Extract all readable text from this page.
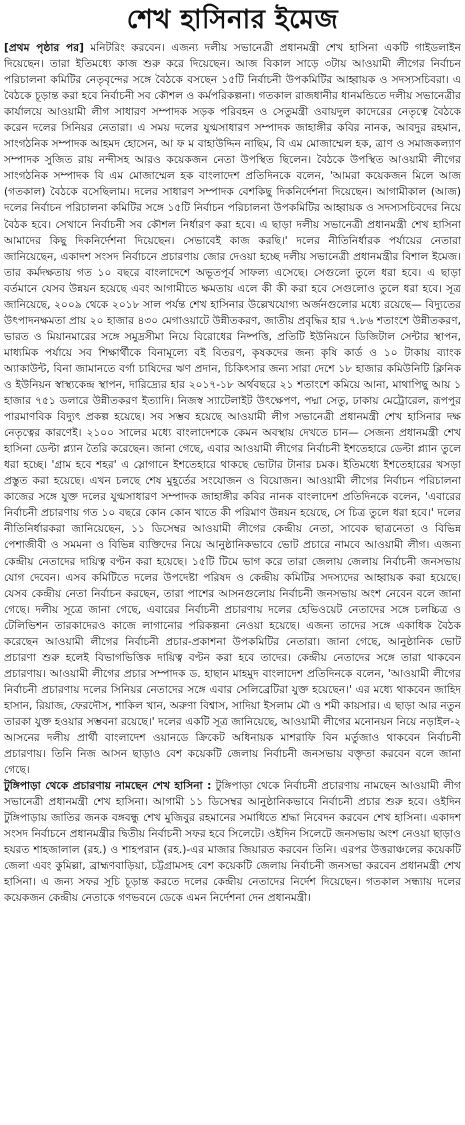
শেখ হাসিনার ইমেজ

[প্রথম পৃষ্ঠার পর] মনিটরিং করবেন। এজন্য দলীয় সভানেত্রী প্রধানমন্ত্রী শেখ হাসিনা একটি গাইডলাইন দিয়েছেন। তারা ইতিমধ্যে কাজ শুরু করে দিয়েছেন। আজ বিকাল সাড়ে ৩টায় আওয়ামী লীগের নির্বাচন পরিচালনা কমিটির নেতৃবৃন্দের সঙ্গে বৈঠকে বসছেন ১৫টি নির্বাচনী উপকমিটির আহ্বায়ক ও সদস্যসচিবরা। এ বৈঠকে চূড়ান্ত করা হবে নির্বাচনী সব কৌশল ও কর্মপরিকল্পনা। গতকাল রাজধানীর ধানমন্ডিতে দলীয় সভানেত্রীর কার্যালয়ে আওয়ামী লীগ সাধারণ সম্পাদক সড়ক পরিবহন ও সেতুমন্ত্রী ওবায়দুল কাদেরের নেতৃত্বে বৈঠকে করেন দলের সিনিয়র নেতারা। এ সময় দলের যুগ্মসাধারণ সম্পাদক জাহাঙ্গীর কবির নানক, আবদুর রহমান, সাংগঠনিক সম্পাদক আহমদ হোসেন, আ ফ ম বাহাউদ্দিন নাছিম, বি এম মোজাম্মেল হক, ত্রাণ ও সমাজকল্যাণ সম্পাদক সুজিত রায় নন্দীসহ আরও কয়েকজন নেতা উপস্থিত ছিলেন। বৈঠকে উপস্থিত আওয়ামী লীগের সাংগঠনিক সম্পাদক বি এম মোজাম্মেল হক বাংলাদেশ প্রতিদিনকে বলেন, 'আমরা কয়েকজন মিলে আজ (গতকাল) বৈঠকে বসেছিলাম। দলের সাধারণ সম্পাদক বেশকিছু দিকনির্দেশনা দিয়েছেন। আগামীকাল (আজ) দলের নির্বাচন পরিচালনা কমিটির সঙ্গে ১৫টি নির্বাচন পরিচালনা উপকমিটির আহ্বায়ক ও সদস্যসচিবদের নিয়ে বৈঠক হবে। সেখানে নির্বাচনী সব কৌশল নির্ধারণ করা হবে। এ ছাড়া দলীয় সভানেত্রী প্রধানমন্ত্রী শেখ হাসিনা আমাদের কিছু দিকনির্দেশনা দিয়েছেন। সেভাবেই কাজ করছি।' দলের নীতিনির্ধারক পর্যায়ের নেতারা জানিয়েছেন, একাদশ সংসদ নির্বাচনে প্রচারণায় জোর দেওয়া হচ্ছে দলীয় সভানেত্রী প্রধানমন্ত্রীর বিশাল ইমেজ। তার কর্মদক্ষতায় গত ১০ বছরে বাংলাদেশে অভূতপূর্ব সাফল্য এসেছে। সেগুলো তুলে ধরা হবে। এ ছাড়া বর্তমানে যেসব উন্নয়ন হয়েছে এবং আগামীতে ক্ষমতায় এলে কী কী করা হবে সেগুলোও তুলে ধরা হবে। সূত্র জানিয়েছে, ২০০৯ থেকে ২০১৮ সাল পর্যন্ত শেখ হাসিনার উল্লেখযোগ্য অর্জনগুলোর মধ্যে রয়েছে— বিদ্যুতের উৎপাদনক্ষমতা প্রায় ২০ হাজার ৪৩০ মেগাওয়াটে উন্নীতকরণ, জাতীয় প্রবৃদ্ধির হার ৭.৮৬ শতাংশে উন্নীতকরণ, ভারত ও মিয়ানমারের সঙ্গে সমুদ্রসীমা নিয়ে বিরোধের নিষ্পত্তি, প্রতিটি ইউনিয়নে ডিজিটাল সেন্টার স্থাপন, মাধ্যমিক পর্যায়ে সব শিক্ষার্থীকে বিনামূল্যে বই বিতরণ, কৃষকদের জন্য কৃষি কার্ড ও ১০ টাকায় ব্যাংক অ্যাকাউন্ট, বিনা জামানতে বর্গা চাষিদের ঋণ প্রদান, চিকিৎসার জন্য সারা দেশে ১৮ হাজার কমিউনিটি ক্লিনিক ও ইউনিয়ন স্বাস্থ্যকেন্দ্র স্থাপন, দারিদ্র্যের হার ২০১৭-১৮ অর্থবছরে ২১ শতাংশে কমিয়ে আনা, মাথাপিছু আয় ১ হাজার ৭৫১ ডলারে উন্নীতকরণ ইত্যাদি। নিজস্ব স্যাটেলাইট উৎক্ষেপণ, পদ্মা সেতু, ঢাকায় মেট্রোরেল, রূপপুর পারমাণবিক বিদ্যুৎ প্রকল্প হয়েছে। সব সম্ভব হয়েছে আওয়ামী লীগ সভানেত্রী প্রধানমন্ত্রী শেখ হাসিনার দক্ষ নেতৃত্বের কারণেই। ২১০০ সালের মধ্যে বাংলাদেশকে কেমন অবস্থায় দেখতে চান— সেজন্য প্রধানমন্ত্রী শেখ হাসিনা ডেল্টা প্ল্যান তৈরি করেছেন। জানা গেছে, এবার আওয়ামী লীগের নির্বাচনী ইশতেহারে ডেল্টা প্ল্যান তুলে ধরা হচ্ছে। 'গ্রাম হবে শহর' এ স্লোগানে ইশতেহারে থাকছে ভোটার টানার চমক। ইতিমধ্যে ইশতেহারের খসড়া প্রস্তুত করা হয়েছে। এখন চলছে শেষ মুহূর্তের সংযোজন ও বিয়োজন। আওয়ামী লীগের নির্বাচন পরিচালনা কাজের সঙ্গে যুক্ত দলের যুগ্মসাধারণ সম্পাদক জাহাঙ্গীর কবির নানক বাংলাদেশ প্রতিদিনকে বলেন, 'এবারের নির্বাচনী প্রচারণায় গত ১০ বছরে কোন কোন খাতে কী পরিমাণ উন্নয়ন হয়েছে, সে চিত্র তুলে ধরা হবে।' দলের নীতিনির্ধারকরা জানিয়েছেন, ১১ ডিসেম্বর আওয়ামী লীগের কেন্দ্রীয় নেতা, সাবেক ছাত্রনেতা ও বিভিন্ন পেশাজীবী ও সমমনা ও বিভিন্ন ব্যক্তিদের নিয়ে আনুষ্ঠানিকভাবে ভোট প্রচারে নামবে আওয়ামী লীগ। এজন্য কেন্দ্রীয় নেতাদের দায়িত্ব বণ্টন করা হয়েছে। ১৫টি টিমে ভাগ করে তারা জেলায় জেলায় নির্বাচনী জনসভায় যোগ দেবেন। এসব কমিটিতে দলের উপদেষ্টা পরিষদ ও কেন্দ্রীয় কমিটির সদস্যদের আহ্বায়ক করা হয়েছে। যেসব কেন্দ্রীয় নেতা নির্বাচন করছেন, তারা পাশের আসনগুলোয় নির্বাচনী জনসভায় অংশ নেবেন বলে জানা গেছে। দলীয় সূত্রে জানা গেছে, এবারের নির্বাচনী প্রচারণায় দলের হেভিওয়েট নেতাদের সঙ্গে চলচ্চিত্র ও টেলিভিশন তারকাদেরও কাজে লাগানোর পরিকল্পনা নেওয়া হয়েছে। এজন্য তাদের সঙ্গে একাধিক বৈঠক করেছেন আওয়ামী লীগের নির্বাচনী প্রচার-প্রকাশনা উপকমিটির নেতারা। জানা গেছে, আনুষ্ঠানিক ভোট প্রচারণা শুরু হলেই বিভাগভিত্তিক দায়িত্ব বণ্টন করা হবে তাদের। কেন্দ্রীয় নেতাদের সঙ্গে তারা থাকবেন প্রচারণায়। আওয়ামী লীগের প্রচার সম্পাদক ড. হাছান মাহমুদ বাংলাদেশ প্রতিদিনকে বলেন, 'আওয়ামী লীগের নির্বাচনী প্রচারণায় দলের সিনিয়র নেতাদের সঙ্গে এবার সেলিব্রেটিরা যুক্ত হয়েছেন।' এর মধ্যে থাকবেন জাহিদ হাসান, রিয়াজ, ফেরদৌস, শাকিল খান, অরুণা বিশ্বাস, সাদিয়া ইসলাম মৌ ও শমী কায়সার। এ ছাড়া আর নতুন তারকা যুক্ত হওয়ার সম্ভবনা রয়েছে।' দলের একটি সূত্র জানিয়েছে, আওয়ামী লীগের মনোনয়ন নিয়ে নড়াইল-২ আসনের দলীয় প্রার্থী বাংলাদেশ ওয়ানডে ক্রিকেট অধিনায়ক মাশরাফি বিন মর্তুজাও থাকবেন নির্বাচনী প্রচারণায়। তিনি নিজ আসন ছাড়াও বেশ কয়েকটি জেলায় নির্বাচনী জনসভায় বক্তৃতা করবেন বলে জানা গেছে।

টুঙ্গিপাড়া থেকে প্রচারণায় নামছেন শেখ হাসিনা : টুঙ্গিপাড়া থেকে নির্বাচনী প্রচারণায় নামছেন আওয়ামী লীগ সভানেত্রী প্রধানমন্ত্রী শেখ হাসিনা। আগামী ১১ ডিসেম্বর আনুষ্ঠানিকভাবে নির্বাচনী প্রচার শুরু হবে। ওইদিন টুঙ্গিপাড়ায় জাতির জনক বঙ্গবন্ধু শেখ মুজিবুর রহমানের সমাধিতে শ্রদ্ধা নিবেদন করবেন শেখ হাসিনা। একাদশ সংসদ নির্বাচনে প্রধানমন্ত্রীর দ্বিতীয় নির্বাচনী সফর হবে সিলেটে। ওইদিন সিলেটে জনসভায় অংশ নেওয়া ছাড়াও হযরত শাহজালাল (রহ.) ও শাহপরান (রহ.)-এর মাজার জিয়ারত করবেন তিনি। এরপর উত্তরাঞ্চলের কয়েকটি জেলা এবং কুমিল্লা, ব্রাহ্মণবাড়িয়া, চট্টগ্রামসহ বেশ কয়েকটি জেলায় নির্বাচনী জনসভা করবেন প্রধানমন্ত্রী শেখ হাসিনা। এ জন্য সফর সূচি চূড়ান্ত করতে দলের কেন্দ্রীয় নেতাদের নির্দেশ দিয়েছেন। গতকাল সন্ধ্যায় দলের কয়েকজন কেন্দ্রীয় নেতাকে গণভবনে ডেকে এমন নির্দেশনা দেন প্রধানমন্ত্রী।
